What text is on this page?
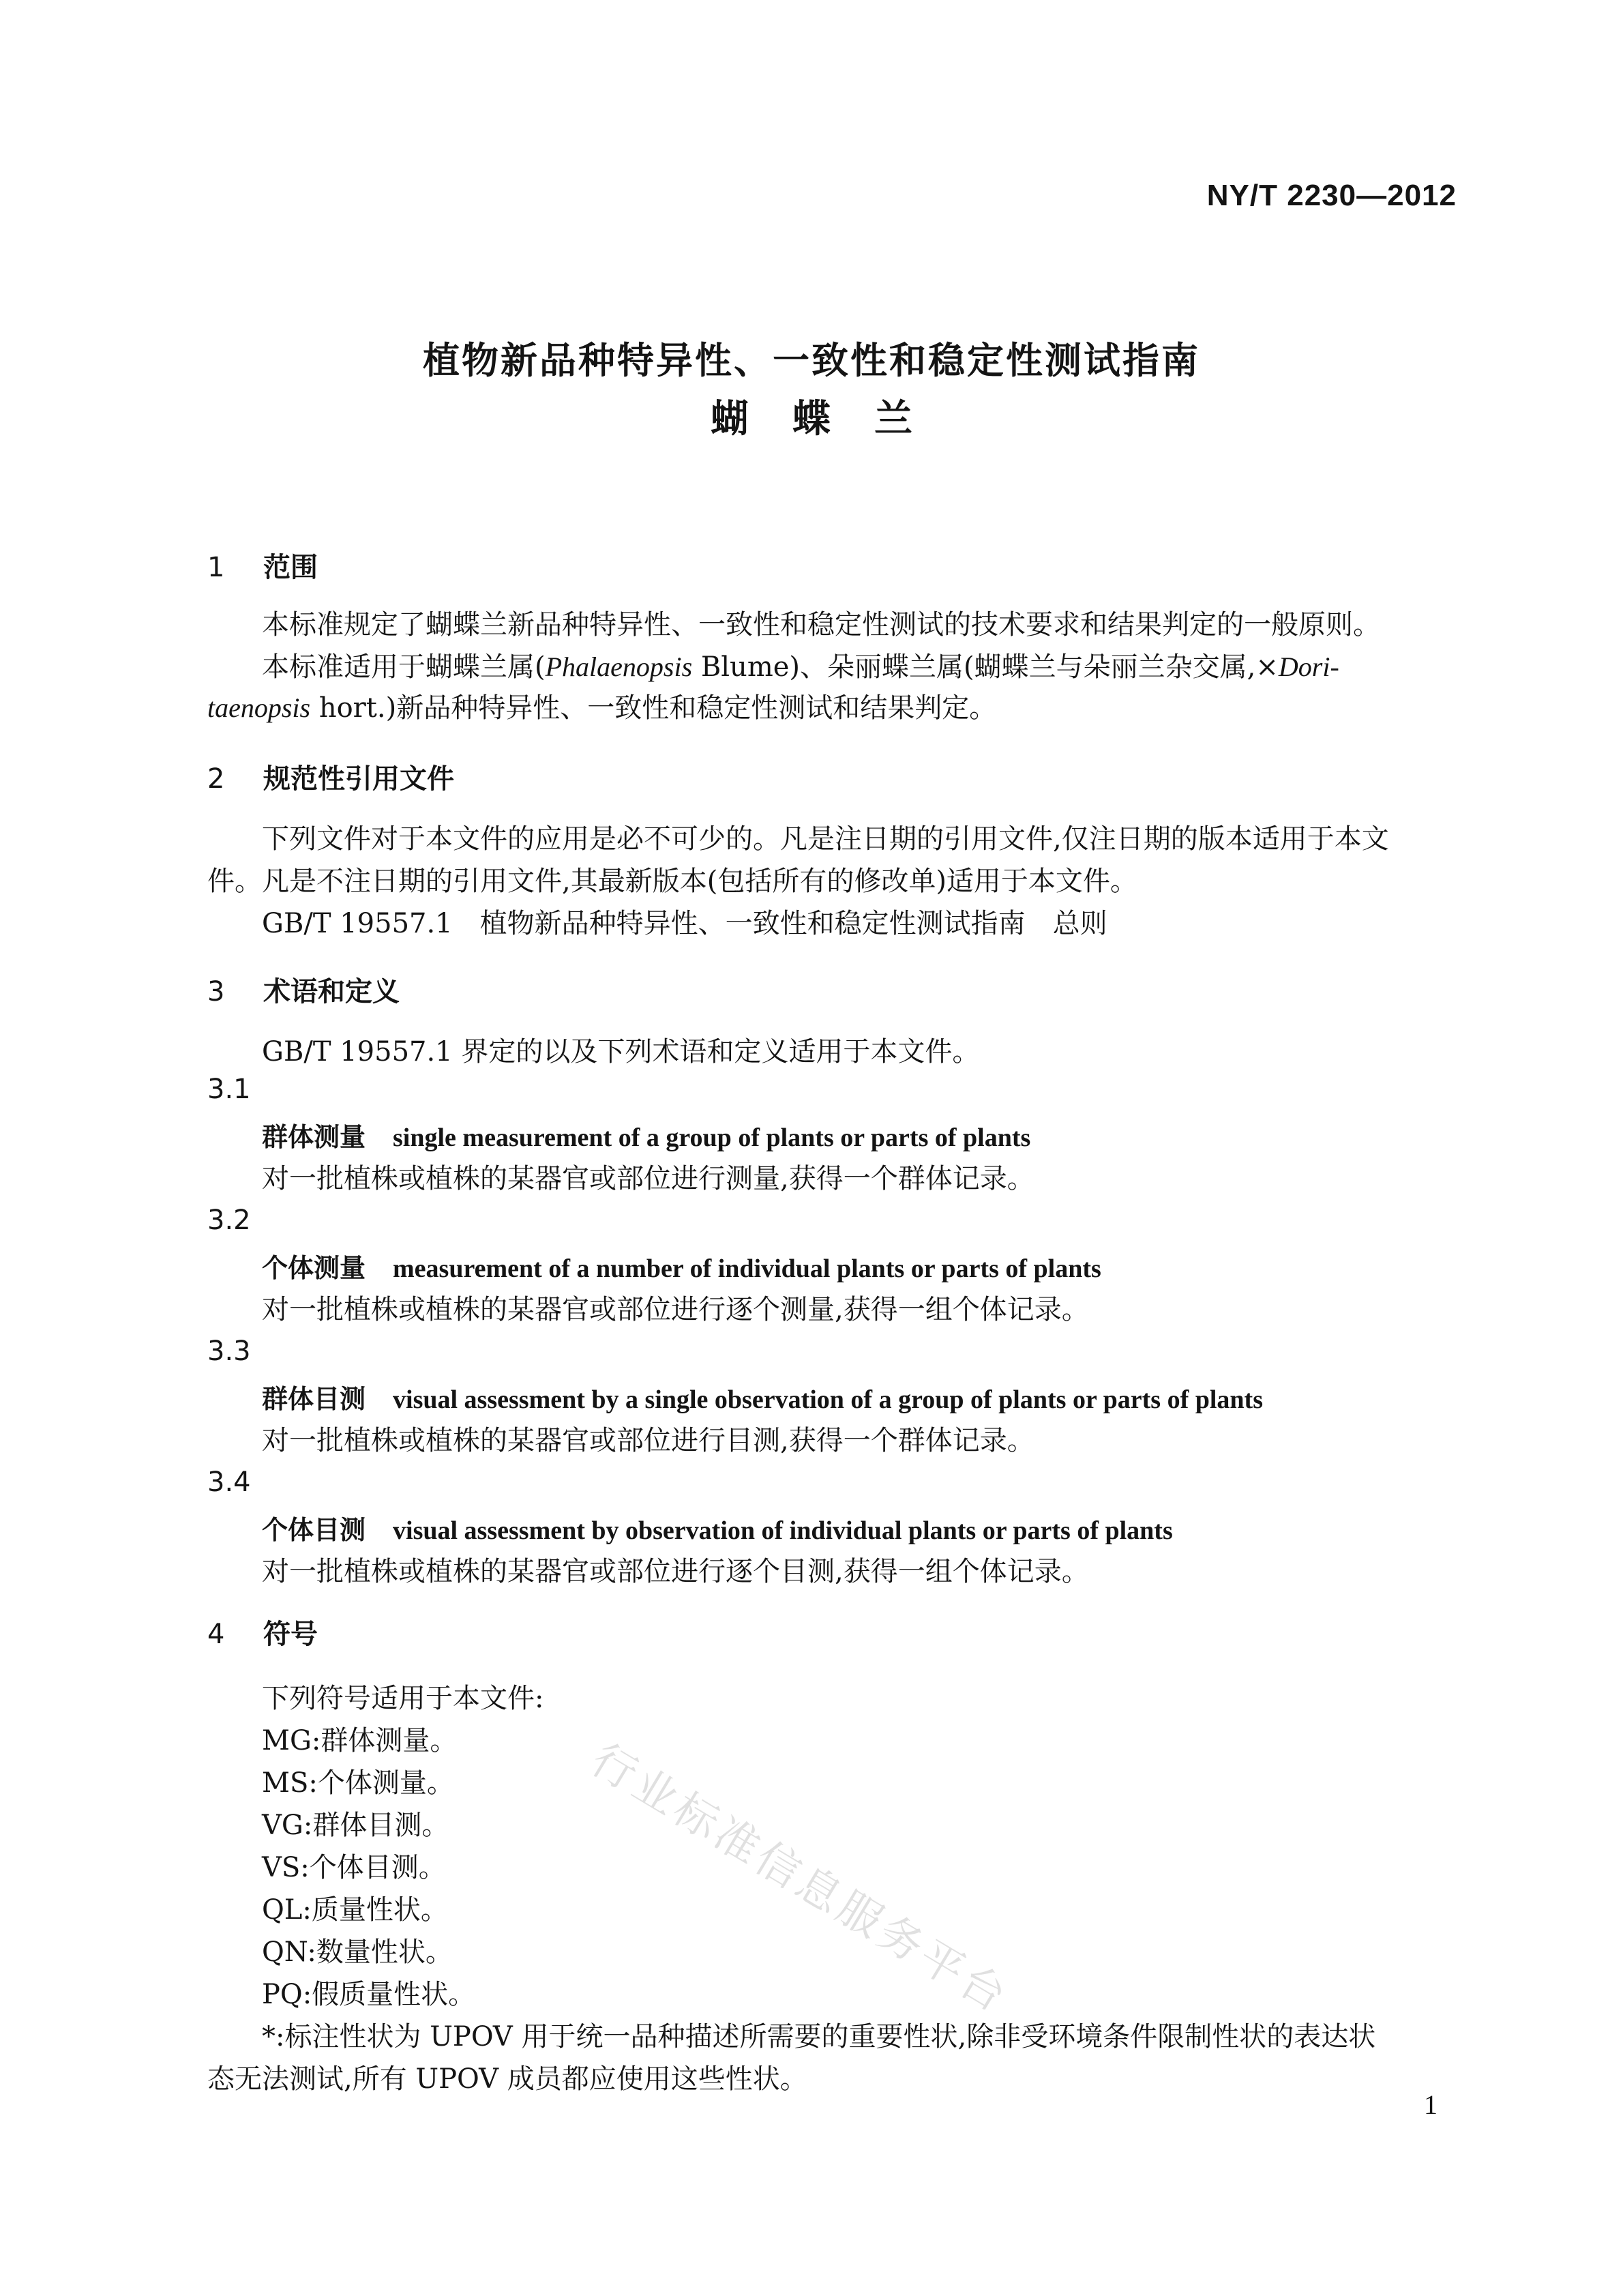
NY/T 2230—2012
植物新品种特异性、一致性和稳定性测试指南
蝴蝶兰
1 范围

本标准规定了蝴蝶兰新品种特异性、一致性和稳定性测试的技术要求和结果判定的一般原则。

本标准适用于蝴蝶兰属(Phalaenopsis Blume)、朵丽蝶兰属(蝴蝶兰与朵丽兰杂交属,×Dori-

taenopsis hort.)新品种特异性、一致性和稳定性测试和结果判定。

2 规范性引用文件

下列文件对于本文件的应用是必不可少的。凡是注日期的引用文件,仅注日期的版本适用于本文

件。凡是不注日期的引用文件,其最新版本(包括所有的修改单)适用于本文件。

GB/T 19557.1　植物新品种特异性、一致性和稳定性测试指南　总则

3 术语和定义

GB/T 19557.1 界定的以及下列术语和定义适用于本文件。

3.1
群体测量 single measurement of a group of plants or parts of plants

对一批植株或植株的某器官或部位进行测量,获得一个群体记录。

3.2
个体测量 measurement of a number of individual plants or parts of plants

对一批植株或植株的某器官或部位进行逐个测量,获得一组个体记录。

3.3
群体目测 visual assessment by a single observation of a group of plants or parts of plants

对一批植株或植株的某器官或部位进行目测,获得一个群体记录。

3.4
个体目测 visual assessment by observation of individual plants or parts of plants

对一批植株或植株的某器官或部位进行逐个目测,获得一组个体记录。

4 符号

下列符号适用于本文件:

MG:群体测量。

MS:个体测量。

VG:群体目测。

VS:个体目测。

QL:质量性状。

QN:数量性状。

PQ:假质量性状。

*:标注性状为 UPOV 用于统一品种描述所需要的重要性状,除非受环境条件限制性状的表达状

态无法测试,所有 UPOV 成员都应使用这些性状。

行业标准信息服务平台
1
